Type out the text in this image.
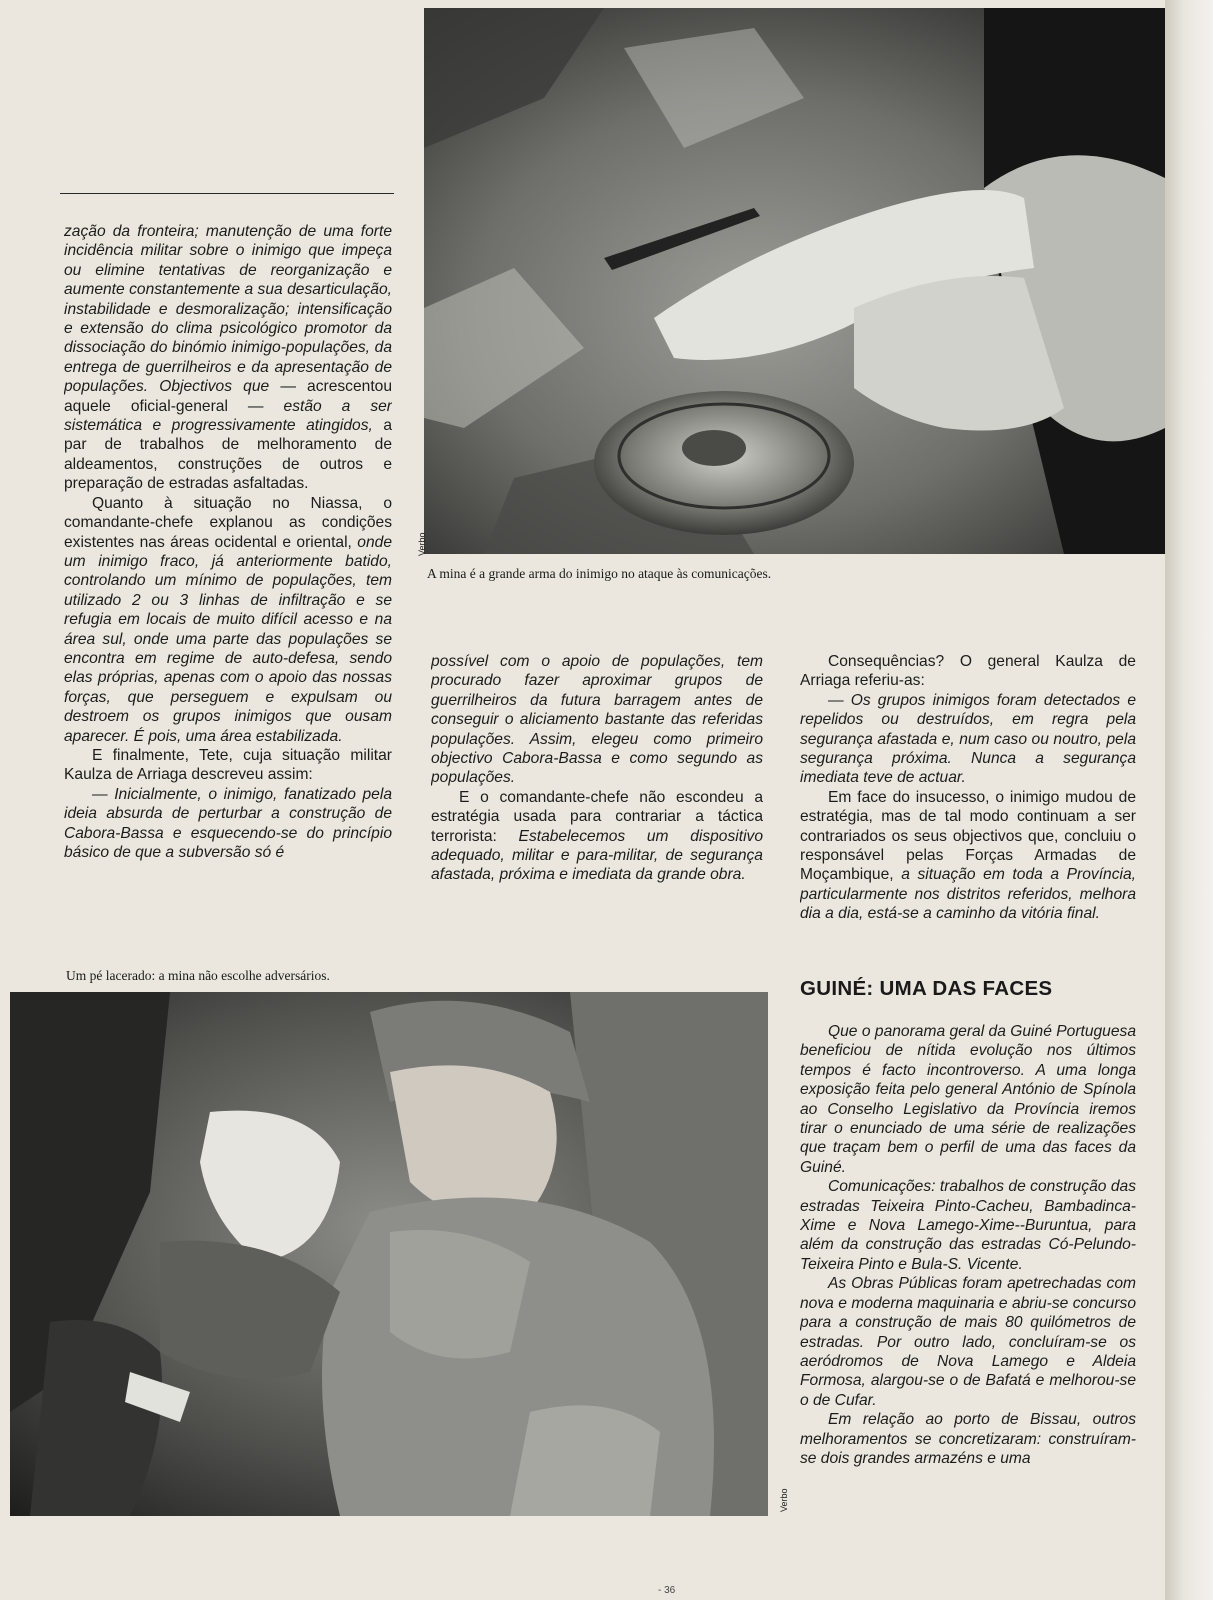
Verbo
A mina é a grande arma do inimigo no ataque às comunicações.

zação da fronteira; manutenção de uma forte incidência militar sobre o inimigo que impeça ou elimine tentativas de reorganização e aumente constantemente a sua desarticulação, instabilidade e desmoralização; intensificação e extensão do clima psicológico promotor da dissociação do binómio inimigo-populações, da entrega de guerrilheiros e da apresentação de populações. Objectivos que — acrescentou aquele oficial-general — estão a ser sistemática e progressivamente atingidos, a par de trabalhos de melhoramento de aldeamentos, construções de outros e preparação de estradas asfaltadas.

Quanto à situação no Niassa, o comandante-chefe explanou as condições existentes nas áreas ocidental e oriental, onde um inimigo fraco, já anteriormente batido, controlando um mínimo de populações, tem utilizado 2 ou 3 linhas de infiltração e se refugia em locais de muito difícil acesso e na área sul, onde uma parte das populações se encontra em regime de auto-defesa, sendo elas próprias, apenas com o apoio das nossas forças, que perseguem e expulsam ou destroem os grupos inimigos que ousam aparecer. É pois, uma área estabilizada.

E finalmente, Tete, cuja situação militar Kaulza de Arriaga descreveu assim:

— Inicialmente, o inimigo, fanatizado pela ideia absurda de perturbar a construção de Cabora-Bassa e esquecendo-se do princípio básico de que a subversão só é

possível com o apoio de populações, tem procurado fazer aproximar grupos de guerrilheiros da futura barragem antes de conseguir o aliciamento bastante das referidas populações. Assim, elegeu como primeiro objectivo Cabora-Bassa e como segundo as populações.

E o comandante-chefe não escondeu a estratégia usada para contrariar a táctica terrorista: Estabelecemos um dispositivo adequado, militar e para-militar, de segurança afastada, próxima e imediata da grande obra.

Consequências? O general Kaulza de Arriaga referiu-as:

— Os grupos inimigos foram detectados e repelidos ou destruídos, em regra pela segurança afastada e, num caso ou noutro, pela segurança próxima. Nunca a segurança imediata teve de actuar.

Em face do insucesso, o inimigo mudou de estratégia, mas de tal modo continuam a ser contrariados os seus objectivos que, concluiu o responsável pelas Forças Armadas de Moçambique, a situação em toda a Província, particularmente nos distritos referidos, melhora dia a dia, está-se a caminho da vitória final.

GUINÉ: UMA DAS FACES

Que o panorama geral da Guiné Portuguesa beneficiou de nítida evolução nos últimos tempos é facto incontroverso. A uma longa exposição feita pelo general António de Spínola ao Conselho Legislativo da Província iremos tirar o enunciado de uma série de realizações que traçam bem o perfil de uma das faces da Guiné.

Comunicações: trabalhos de construção das estradas Teixeira Pinto-Cacheu, Bambadinca-Xime e Nova Lamego-Xime--Buruntua, para além da construção das estradas Có-Pelundo-Teixeira Pinto e Bula-S. Vicente.

As Obras Públicas foram apetrechadas com nova e moderna maquinaria e abriu-se concurso para a construção de mais 80 quilómetros de estradas. Por outro lado, concluíram-se os aeródromos de Nova Lamego e Aldeia Formosa, alargou-se o de Bafatá e melhorou-se o de Cufar.

Em relação ao porto de Bissau, outros melhoramentos se concretizaram: construíram-se dois grandes armazéns e uma

Um pé lacerado: a mina não escolhe adversários.
Verbo
- 36
